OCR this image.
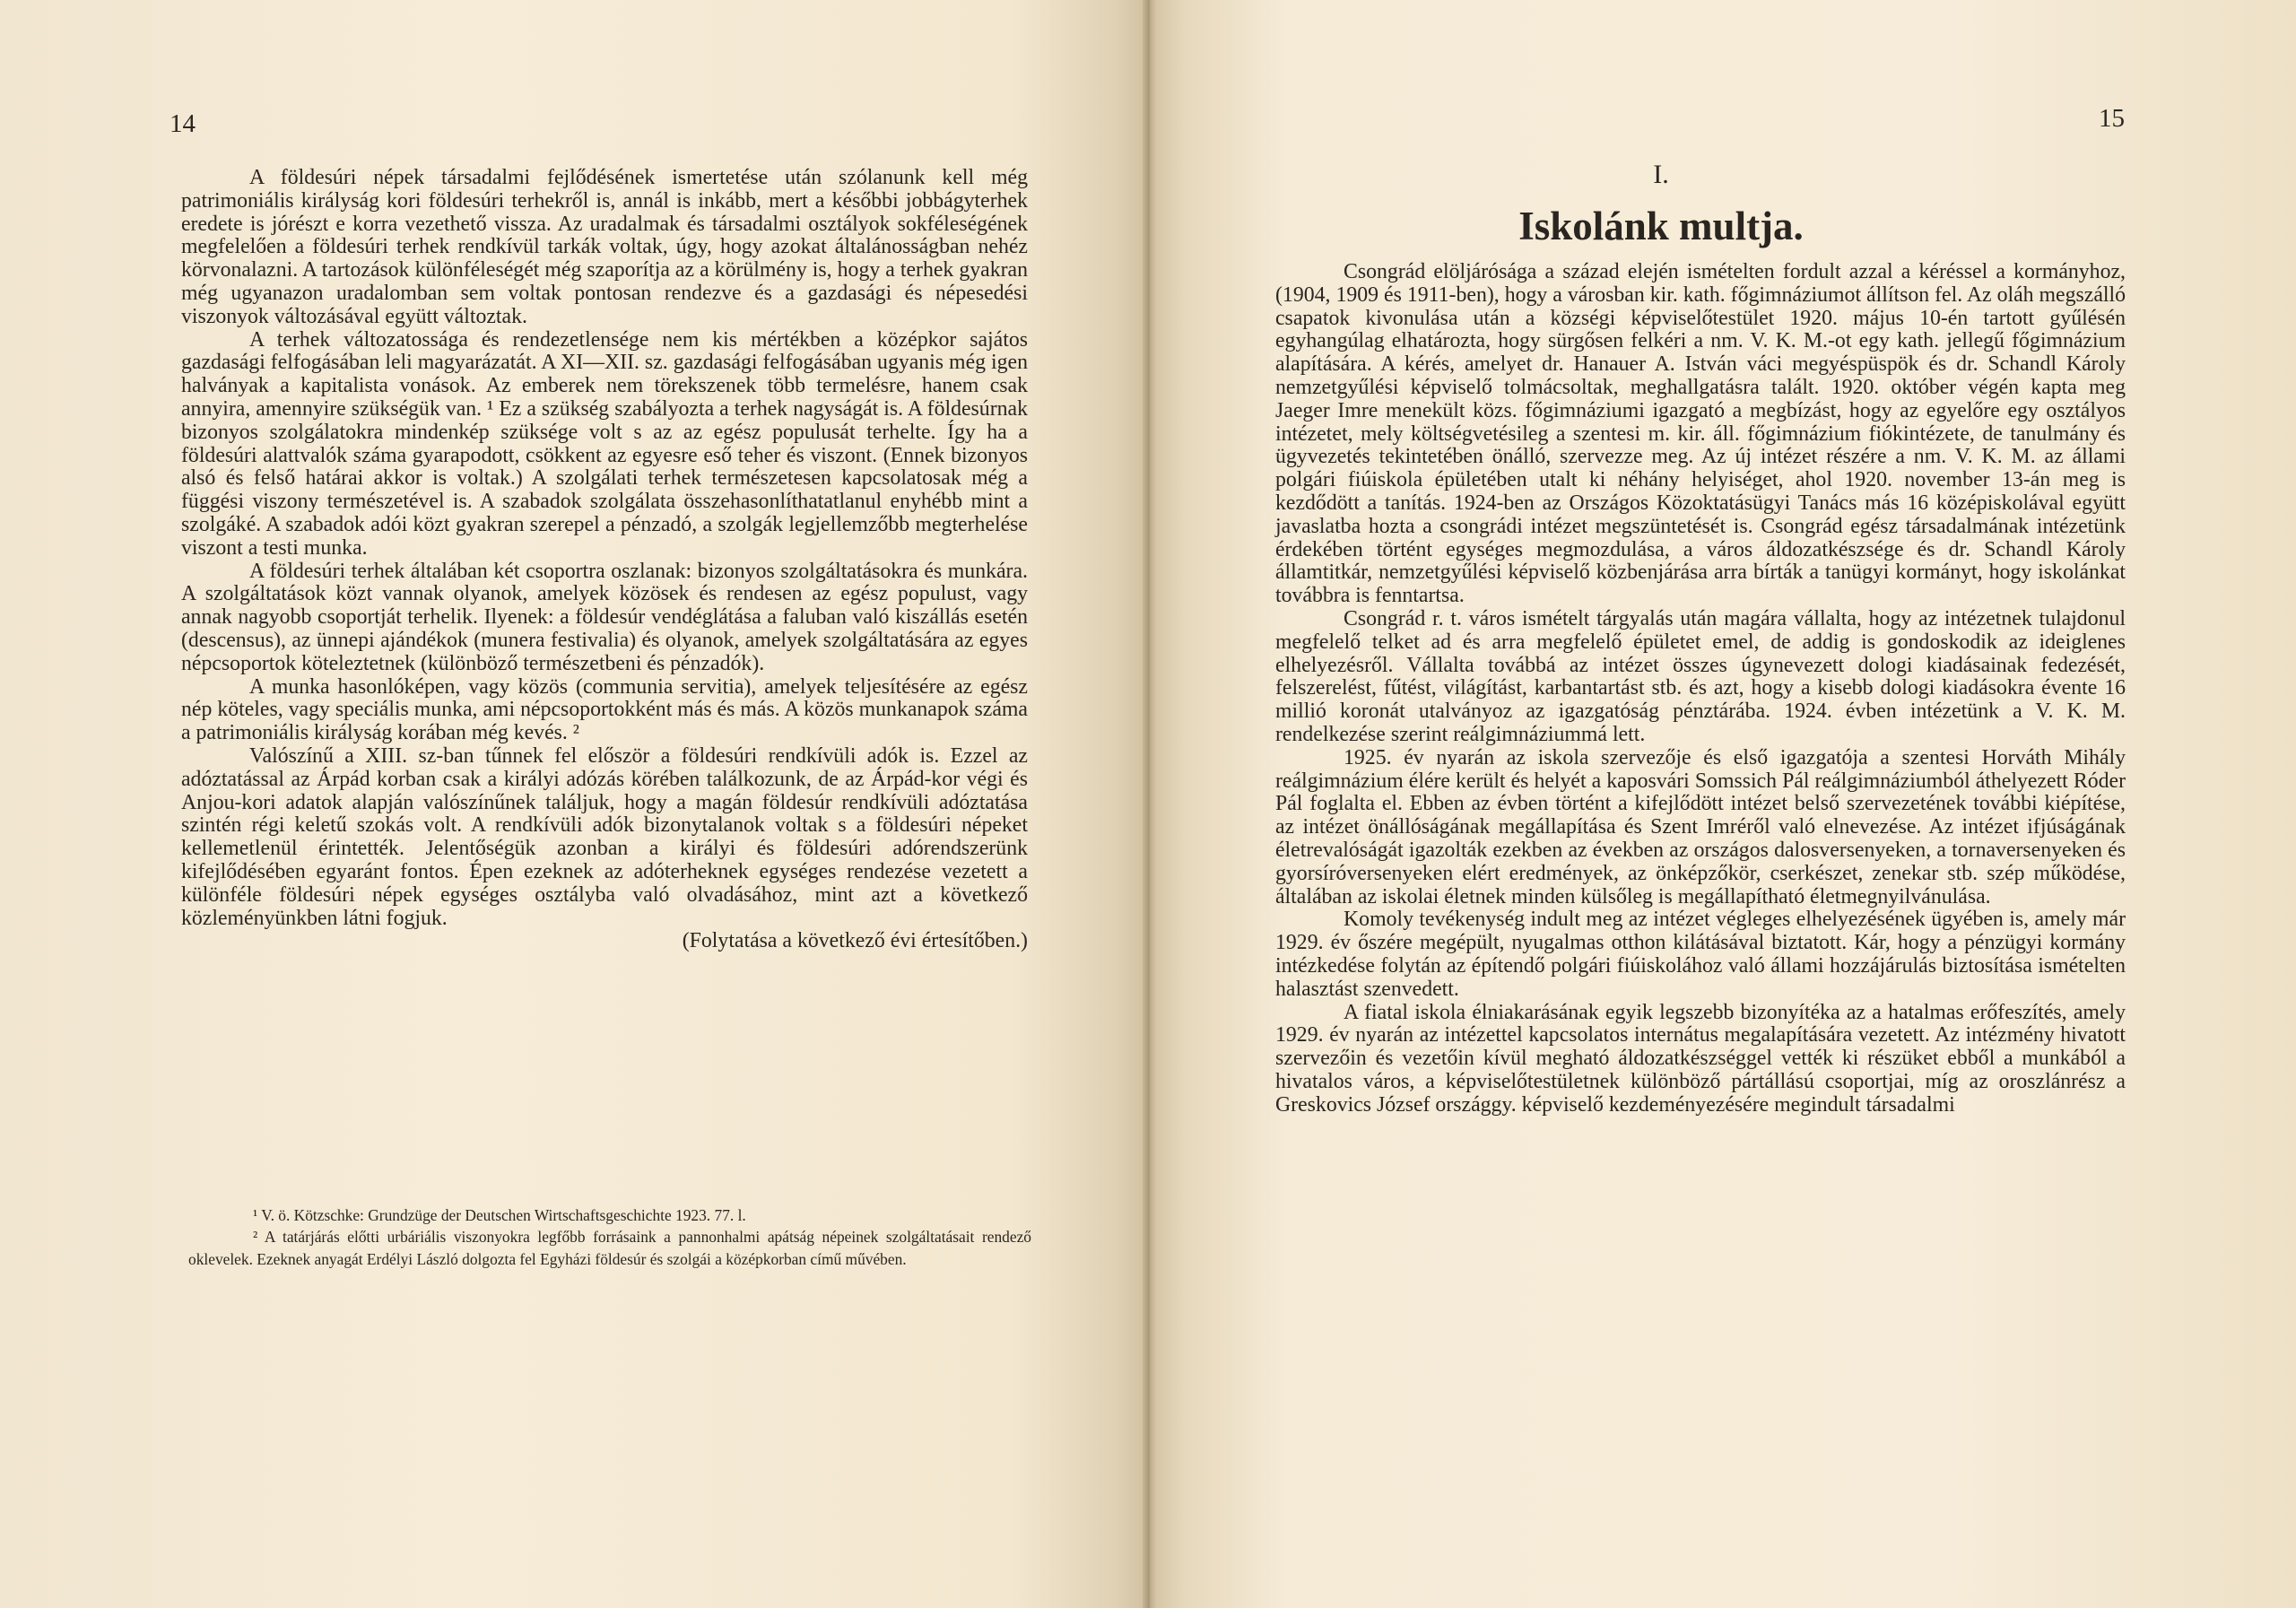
14

A földesúri népek társadalmi fejlődésének ismertetése után szólanunk kell még patrimoniális királyság kori földesúri terhekről is, annál is inkább, mert a későbbi jobbágyterhek eredete is jórészt e korra vezethető vissza. Az uradalmak és társadalmi osztályok sokféleségének megfelelően a földesúri terhek rendkívül tarkák voltak, úgy, hogy azokat általánosságban nehéz körvonalazni. A tartozások különféleségét még szaporítja az a körülmény is, hogy a terhek gyakran még ugyanazon uradalomban sem voltak pontosan rendezve és a gazdasági és népesedési viszonyok változásával együtt változtak.

A terhek változatossága és rendezetlensége nem kis mértékben a középkor sajátos gazdasági felfogásában leli magyarázatát. A XI—XII. sz. gazdasági felfogásában ugyanis még igen halványak a kapitalista vonások. Az emberek nem törekszenek több termelésre, hanem csak annyira, amennyire szükségük van. ¹ Ez a szükség szabályozta a terhek nagyságát is. A földesúrnak bizonyos szolgálatokra mindenkép szüksége volt s az az egész populusát terhelte. Így ha a földesúri alattvalók száma gyarapodott, csökkent az egyesre eső teher és viszont. (Ennek bizonyos alsó és felső határai akkor is voltak.) A szolgálati terhek természetesen kapcsolatosak még a függési viszony természetével is. A szabadok szolgálata összehasonlíthatatlanul enyhébb mint a szolgáké. A szabadok adói közt gyakran szerepel a pénzadó, a szolgák legjellemzőbb megterhelése viszont a testi munka.

A földesúri terhek általában két csoportra oszlanak: bizonyos szolgáltatásokra és munkára. A szolgáltatások közt vannak olyanok, amelyek közösek és rendesen az egész populust, vagy annak nagyobb csoportját terhelik. Ilyenek: a földesúr vendéglátása a faluban való kiszállás esetén (descensus), az ünnepi ajándékok (munera festivalia) és olyanok, amelyek szolgáltatására az egyes népcsoportok köteleztetnek (különböző természetbeni és pénzadók).

A munka hasonlóképen, vagy közös (communia servitia), amelyek teljesítésére az egész nép köteles, vagy speciális munka, ami népcsoportokként más és más. A közös munkanapok száma a patrimoniális királyság korában még kevés. ²

Valószínű a XIII. sz-ban tűnnek fel először a földesúri rendkívüli adók is. Ezzel az adóztatással az Árpád korban csak a királyi adózás körében találkozunk, de az Árpád-kor végi és Anjou-kori adatok alapján valószínűnek találjuk, hogy a magán földesúr rendkívüli adóztatása szintén régi keletű szokás volt. A rendkívüli adók bizonytalanok voltak s a földesúri népeket kellemetlenül érintették. Jelentőségük azonban a királyi és földesúri adórendszerünk kifejlődésében egyaránt fontos. Épen ezeknek az adóterheknek egységes rendezése vezetett a különféle földesúri népek egységes osztályba való olvadásához, mint azt a következő közleményünkben látni fogjuk.

(Folytatása a következő évi értesítőben.)

¹ V. ö. Kötzschke: Grundzüge der Deutschen Wirtschaftsgeschichte 1923. 77. l.

² A tatárjárás előtti urbáriális viszonyokra legfőbb forrásaink a pannonhalmi apátság népeinek szolgáltatásait rendező oklevelek. Ezeknek anyagát Erdélyi László dolgozta fel Egyházi földesúr és szolgái a középkorban című művében.

15
I.
Iskolánk multja.

Csongrád elöljárósága a század elején ismételten fordult azzal a kéréssel a kormányhoz, (1904, 1909 és 1911-ben), hogy a városban kir. kath. főgimnáziumot állítson fel. Az oláh megszálló csapatok kivonulása után a községi képviselőtestület 1920. május 10-én tartott gyűlésén egyhangúlag elhatározta, hogy sürgősen felkéri a nm. V. K. M.-ot egy kath. jellegű főgimnázium alapítására. A kérés, amelyet dr. Hanauer A. István váci megyéspüspök és dr. Schandl Károly nemzetgyűlési képviselő tolmácsoltak, meghallgatásra talált. 1920. október végén kapta meg Jaeger Imre menekült közs. főgimnáziumi igazgató a megbízást, hogy az egyelőre egy osztályos intézetet, mely költségvetésileg a szentesi m. kir. áll. főgimnázium fiókintézete, de tanulmány és ügyvezetés tekintetében önálló, szervezze meg. Az új intézet részére a nm. V. K. M. az állami polgári fiúiskola épületében utalt ki néhány helyiséget, ahol 1920. november 13-án meg is kezdődött a tanítás. 1924-ben az Országos Közoktatásügyi Tanács más 16 középiskolával együtt javaslatba hozta a csongrádi intézet megszüntetését is. Csongrád egész társadalmának intézetünk érdekében történt egységes megmozdulása, a város áldozatkészsége és dr. Schandl Károly államtitkár, nemzetgyűlési képviselő közbenjárása arra bírták a tanügyi kormányt, hogy iskolánkat továbbra is fenntartsa.

Csongrád r. t. város ismételt tárgyalás után magára vállalta, hogy az intézetnek tulajdonul megfelelő telket ad és arra megfelelő épületet emel, de addig is gondoskodik az ideiglenes elhelyezésről. Vállalta továbbá az intézet összes úgynevezett dologi kiadásainak fedezését, felszerelést, fűtést, világítást, karbantartást stb. és azt, hogy a kisebb dologi kiadásokra évente 16 millió koronát utalványoz az igazgatóság pénztárába. 1924. évben intézetünk a V. K. M. rendelkezése szerint reálgimnáziummá lett.

1925. év nyarán az iskola szervezője és első igazgatója a szentesi Horváth Mihály reálgimnázium élére került és helyét a kaposvári Somssich Pál reálgimnáziumból áthelyezett Róder Pál foglalta el. Ebben az évben történt a kifejlődött intézet belső szervezetének további kiépítése, az intézet önállóságának megállapítása és Szent Imréről való elnevezése. Az intézet ifjúságának életrevalóságát igazolták ezekben az években az országos dalosversenyeken, a tornaversenyeken és gyorsíróversenyeken elért eredmények, az önképzőkör, cserkészet, zenekar stb. szép működése, általában az iskolai életnek minden külsőleg is megállapítható életmegnyilvánulása.

Komoly tevékenység indult meg az intézet végleges elhelyezésének ügyében is, amely már 1929. év őszére megépült, nyugalmas otthon kilátásával biztatott. Kár, hogy a pénzügyi kormány intézkedése folytán az építendő polgári fiúiskolához való állami hozzájárulás biztosítása ismételten halasztást szenvedett.

A fiatal iskola élniakarásának egyik legszebb bizonyítéka az a hatalmas erőfeszítés, amely 1929. év nyarán az intézettel kapcsolatos internátus megalapítására vezetett. Az intézmény hivatott szervezőin és vezetőin kívül megható áldozatkészséggel vették ki részüket ebből a munkából a hivatalos város, a képviselőtestületnek különböző pártállású csoportjai, míg az oroszlánrész a Greskovics József országgy. képviselő kezdeményezésére megindult társadalmi
